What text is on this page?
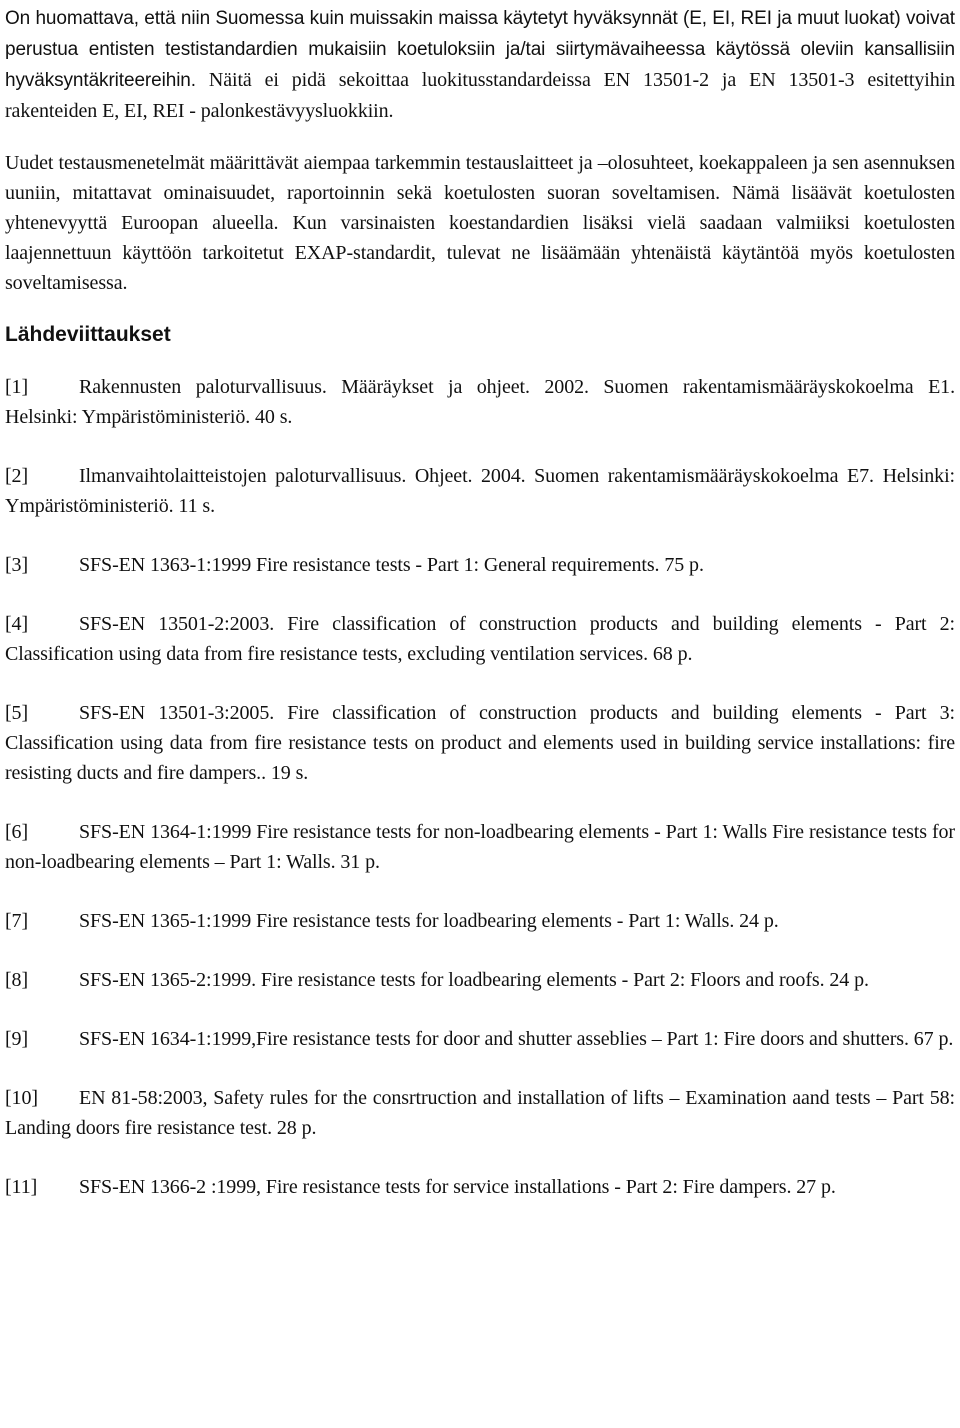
On huomattava, että niin Suomessa kuin muissakin maissa käytetyt hyväksynnät (E, EI, REI ja muut luokat) voivat perustua entisten testistandardien mukaisiin koetuloksiin ja/tai siirtymävaiheessa käytössä oleviin kansallisiin hyväksyntäkriteereihin. Näitä ei pidä sekoittaa luokitusstandardeissa EN 13501-2 ja EN 13501-3 esitettyihin rakenteiden E, EI, REI - palonkestävyysluokkiin.

Uudet testausmenetelmät määrittävät aiempaa tarkemmin testauslaitteet ja –olosuhteet, koekappaleen ja sen asennuksen uuniin, mitattavat ominaisuudet, raportoinnin sekä koetulosten suoran soveltamisen. Nämä lisäävät koetulosten yhtenevyyttä Euroopan alueella. Kun varsinaisten koestandardien lisäksi vielä saadaan valmiiksi koetulosten laajennettuun käyttöön tarkoitetut EXAP-standardit, tulevat ne lisäämään yhtenäistä käytäntöä myös koetulosten soveltamisessa.

Lähdeviittaukset

[1]	Rakennusten paloturvallisuus. Määräykset ja ohjeet. 2002. Suomen rakentamismääräyskokoelma E1. Helsinki: Ympäristöministeriö. 40 s.

[2]	Ilmanvaihtolaitteistojen paloturvallisuus. Ohjeet. 2004. Suomen rakentamismääräyskokoelma E7. Helsinki: Ympäristöministeriö. 11 s.

[3]	SFS-EN 1363-1:1999 Fire resistance tests - Part 1: General requirements. 75 p.

[4]	SFS-EN 13501-2:2003. Fire classification of construction products and building elements - Part 2: Classification using data from fire resistance tests, excluding ventilation services. 68 p.

[5]	SFS-EN 13501-3:2005. Fire classification of construction products and building elements - Part 3: Classification using data from fire resistance tests on product and elements used in building service installations: fire resisting ducts and fire dampers.. 19 s.

[6]	SFS-EN 1364-1:1999 Fire resistance tests for non-loadbearing elements - Part 1: Walls Fire resistance tests for non-loadbearing elements – Part 1: Walls. 31 p.

[7]	SFS-EN 1365-1:1999 Fire resistance tests for loadbearing elements - Part 1: Walls. 24 p.

[8]	SFS-EN 1365-2:1999. Fire resistance tests for loadbearing elements - Part 2: Floors and roofs. 24 p.

[9]	SFS-EN 1634-1:1999,Fire resistance tests for door and shutter asseblies – Part 1: Fire doors and shutters. 67 p.

[10] EN 81-58:2003, Safety rules for the consrtruction and installation of lifts – Examination aand tests – Part 58: Landing doors fire resistance test. 28 p.

[11] SFS-EN 1366-2 :1999, Fire resistance tests for service installations - Part 2: Fire dampers. 27 p.
